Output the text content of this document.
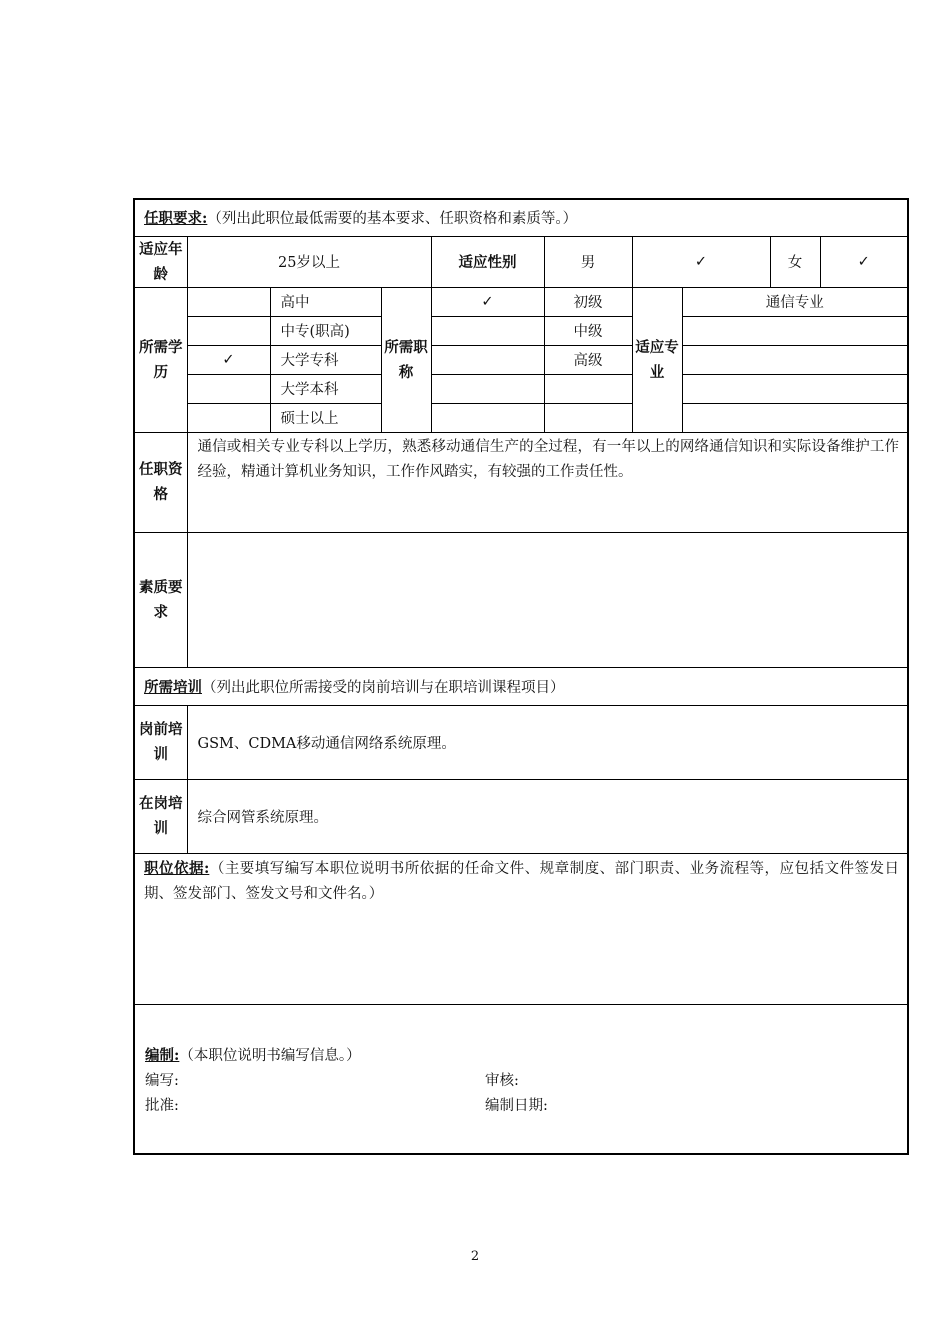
任职要求:（列出此职位最低需要的基本要求、任职资格和素质等。）									
适应年龄	25岁以上			适应性别	男	✓		女	✓
所需学历		高中	所需职称	✓	初级	适应专业	通信专业		
		中专(职高)			中级				
	✓	大学专科			高级				
		大学本科							
		硕士以上							
任职资格	通信或相关专业专科以上学历，熟悉移动通信生产的全过程，有一年以上的网络通信知识和实际设备维护工作经验，精通计算机业务知识，工作作风踏实，有较强的工作责任性。								
素质要求									
所需培训（列出此职位所需接受的岗前培训与在职培训课程项目）									
岗前培训	GSM、CDMA移动通信网络系统原理。								
在岗培训	综合网管系统原理。								
职位依据:（主要填写编写本职位说明书所依据的任命文件、规章制度、部门职责、业务流程等，应包括文件签发日期、签发部门、签发文号和文件名。）									

编制:（本职位说明书编写信息。）
编写: 审核:
批准: 编制日期:									
2
